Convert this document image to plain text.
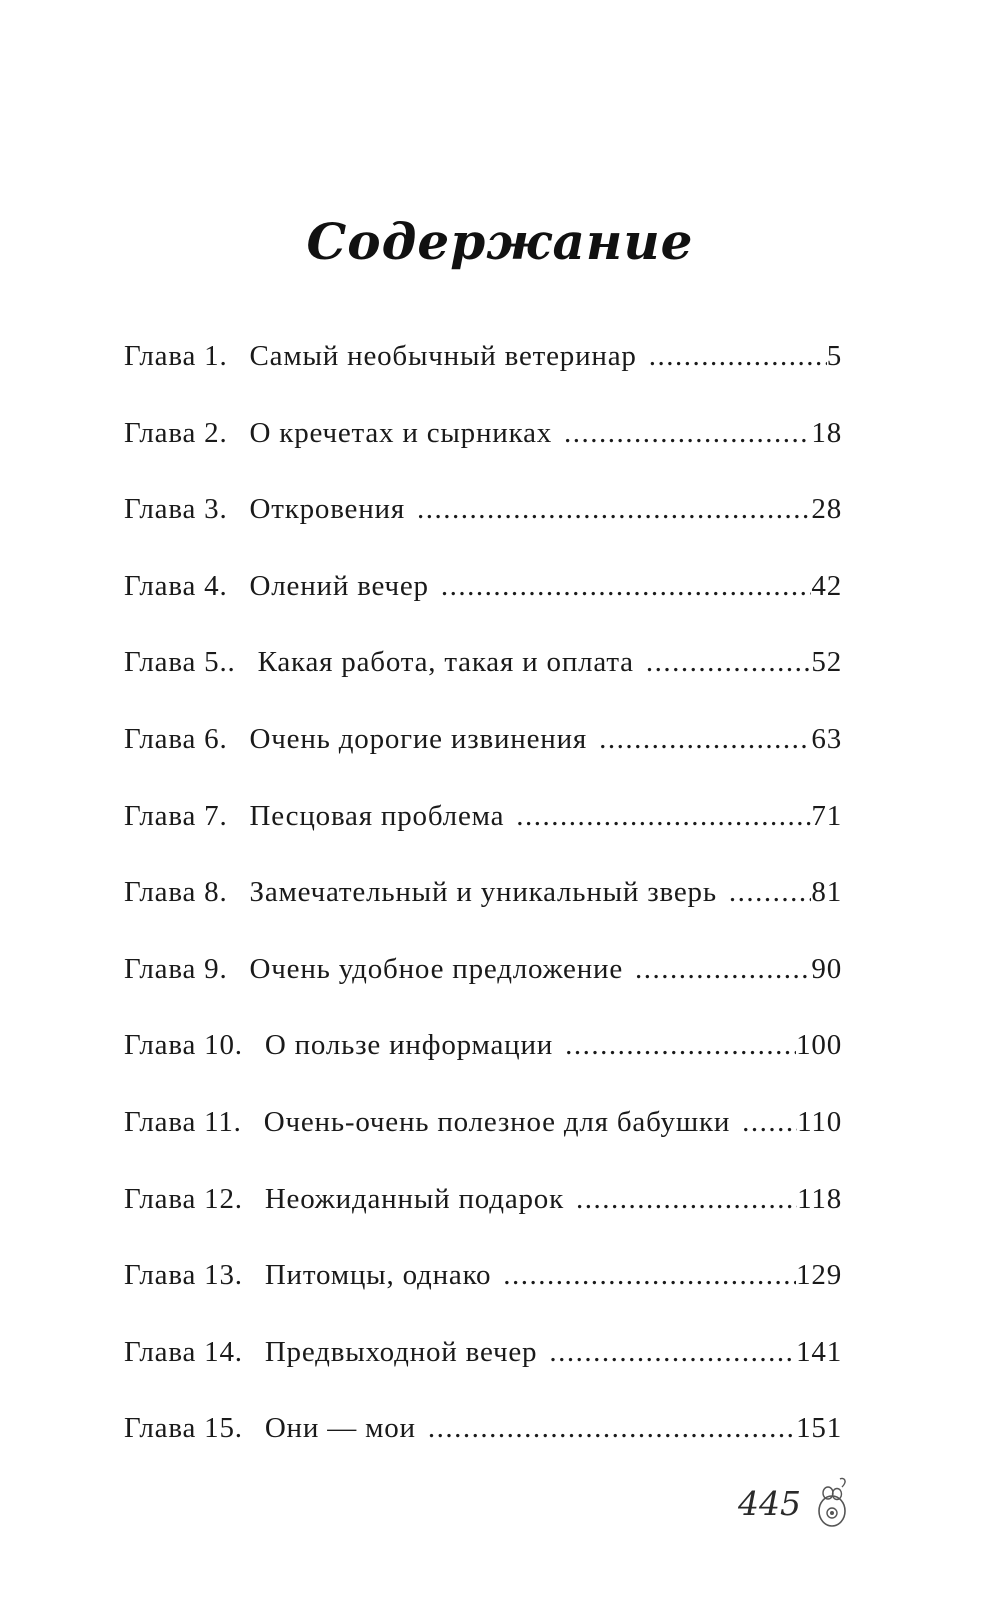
Содержание
Глава 1. Самый необычный ветеринар .....	5
Глава 2. О кречетах и сырниках .....	18
Глава 3. Откровения .....	28
Глава 4. Олений вечер .....	42
Глава 5.. Какая работа, такая и оплата .....	52
Глава 6. Очень дорогие извинения .....	63
Глава 7. Песцовая проблема .....	71
Глава 8. Замечательный и уникальный зверь .....	81
Глава 9. Очень удобное предложение .....	90
Глава 10. О пользе информации .....	100
Глава 11. Очень-очень полезное для бабушки ..... 110
Глава 12. Неожиданный подарок .....	118
Глава 13. Питомцы, однако .....	129
Глава 14. Предвыходной вечер .....	141
Глава 15. Они — мои .....	151
445
